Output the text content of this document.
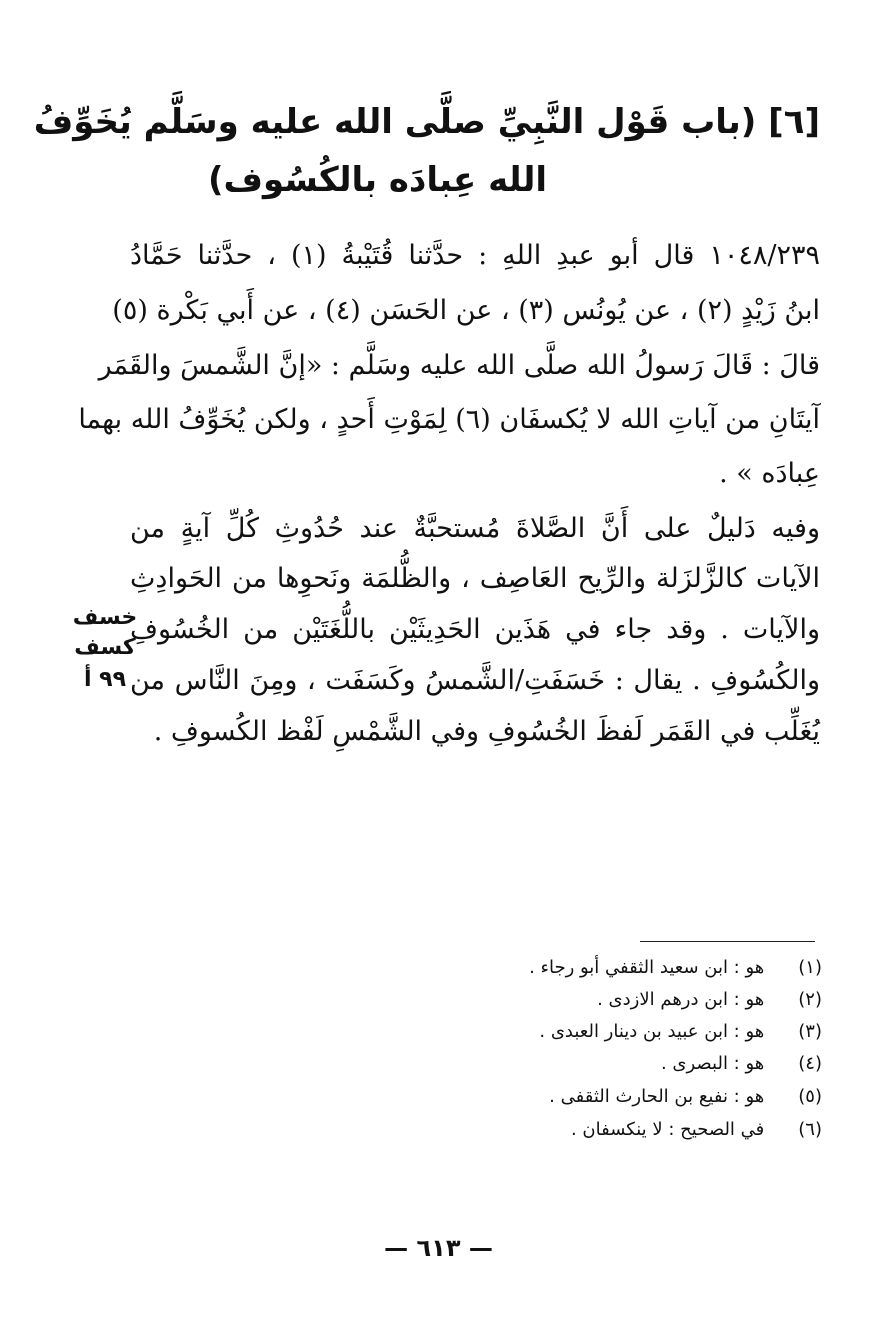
[٦] (باب قَوْل النَّبِيِّ صلَّى الله عليه وسَلَّم يُخَوِّفُ
الله عِبادَه بالكُسُوف)
١٠٤٨/٢٣٩ قال أبو عبدِ اللهِ : حدَّثنا قُتَيْبةُ (١) ، حدَّثنا حَمَّادُ
ابنُ زَيْدٍ (٢) ، عن يُونُس (٣) ، عن الحَسَن (٤) ، عن أَبي بَكْرة (٥)
قالَ : قَالَ رَسولُ الله صلَّى الله عليه وسَلَّم : «إنَّ الشَّمسَ والقَمَر
آيتَانِ من آياتِ الله لا يُكسفَان (٦) لِمَوْتِ أَحدٍ ، ولكن يُخَوِّفُ الله بهما
عِبادَه » .
وفيه دَليلٌ على أَنَّ الصَّلاةَ مُستحبَّةٌ عند حُدُوثِ كُلِّ آيةٍ من
الآيات كالزَّلزَلة والرِّيح العَاصِف ، والظُّلمَة ونَحوِها من الحَوادِثِ
والآيات . وقد جاء في هَذَين الحَدِيثَيْن باللُّغَتَيْن من الخُسُوفِ
والكُسُوفِ . يقال : خَسَفَتِ/الشَّمسُ وكَسَفَت ، ومِنَ النَّاس من
يُغَلِّب في القَمَر لَفظَ الخُسُوفِ وفي الشَّمْسِ لَفْظ الكُسوفِ .
خسف
كسف
٩٩ أ
(١) هو : ابن سعيد الثقفي أبو رجاء .
(٢) هو : ابن درهم الازدى .
(٣) هو : ابن عبيد بن دينار العبدى .
(٤) هو : البصرى .
(٥) هو : نفيع بن الحارث الثقفى .
(٦) في الصحيح : لا ينكسفان .
— ٦١٣ —
